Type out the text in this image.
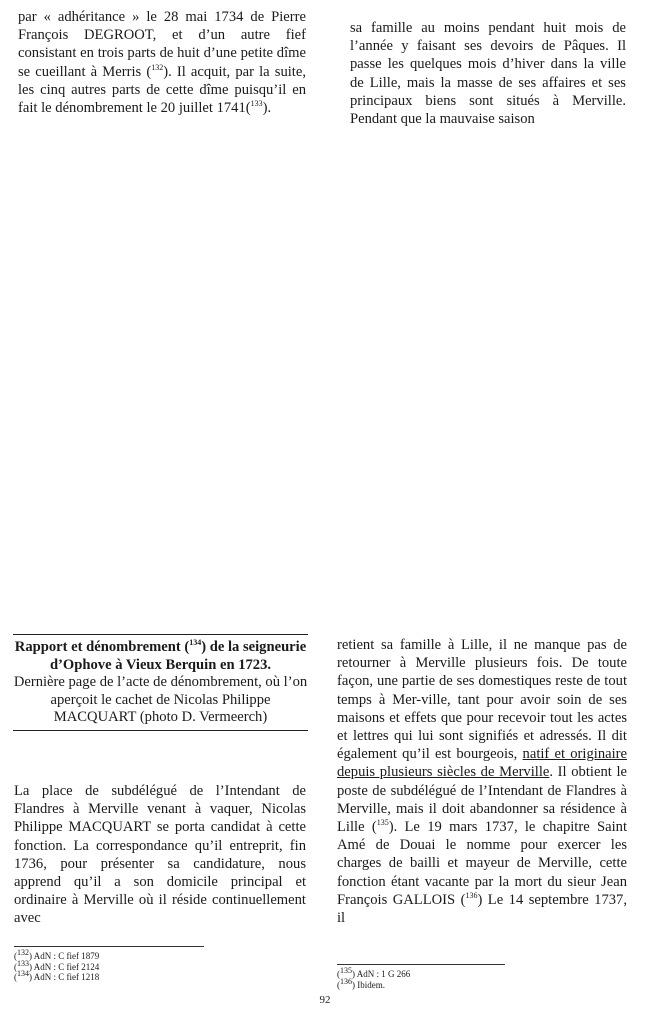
par « adhéritance » le 28 mai 1734 de Pierre François DEGROOT, et d’un autre fief consistant en trois parts de huit d’une petite dîme se cueillant à Merris ($^{132}$). Il acquit, par la suite, les cinq autres parts de cette dîme puisqu’il en fait le dénombrement le 20 juillet 1741($^{133}$).
sa famille au moins pendant huit mois de l’année y faisant ses devoirs de Pâques. Il passe les quelques mois d’hiver dans la ville de Lille, mais la masse de ses affaires et ses principaux biens sont situés à Merville. Pendant que la mauvaise saison
Rapport et dénombrement ($^{134}$) de la seigneurie d’Ophove à Vieux Berquin en 1723.
Dernière page de l’acte de dénombrement, où l’on aperçoit le cachet de Nicolas Philippe MACQUART (photo D. Vermeerch)
La place de subdélégué de l’Intendant de Flandres à Merville venant à vaquer, Nicolas Philippe MACQUART se porta candidat à cette fonction. La correspondance qu’il entreprit, fin 1736, pour présenter sa candidature, nous apprend qu’il a son domicile principal et ordinaire à Merville où il réside continuellement avec
retient sa famille à Lille, il ne manque pas de retourner à Merville plusieurs fois. De toute façon, une partie de ses domestiques reste de tout temps à Mer-ville, tant pour avoir soin de ses maisons et effets que pour recevoir tout les actes et lettres qui lui sont signifiés et adressés. Il dit également qu’il est bourgeois, natif et originaire depuis plusieurs siècles de Merville. Il obtient le poste de subdélégué de l’Intendant de Flandres à Merville, mais il doit abandonner sa résidence à Lille ($^{135}$). Le 19 mars 1737, le chapitre Saint Amé de Douai le nomme pour exercer les charges de bailli et mayeur de Merville, cette fonction étant vacante par la mort du sieur Jean François GALLOIS ($^{136}$) Le 14 septembre 1737, il
($^{132}$) AdN : C fief 1879
($^{133}$) AdN : C fief 2124
($^{134}$) AdN : C fief 1218	($^{135}$) AdN : 1 G 266
($^{136}$) Ibidem.
92
